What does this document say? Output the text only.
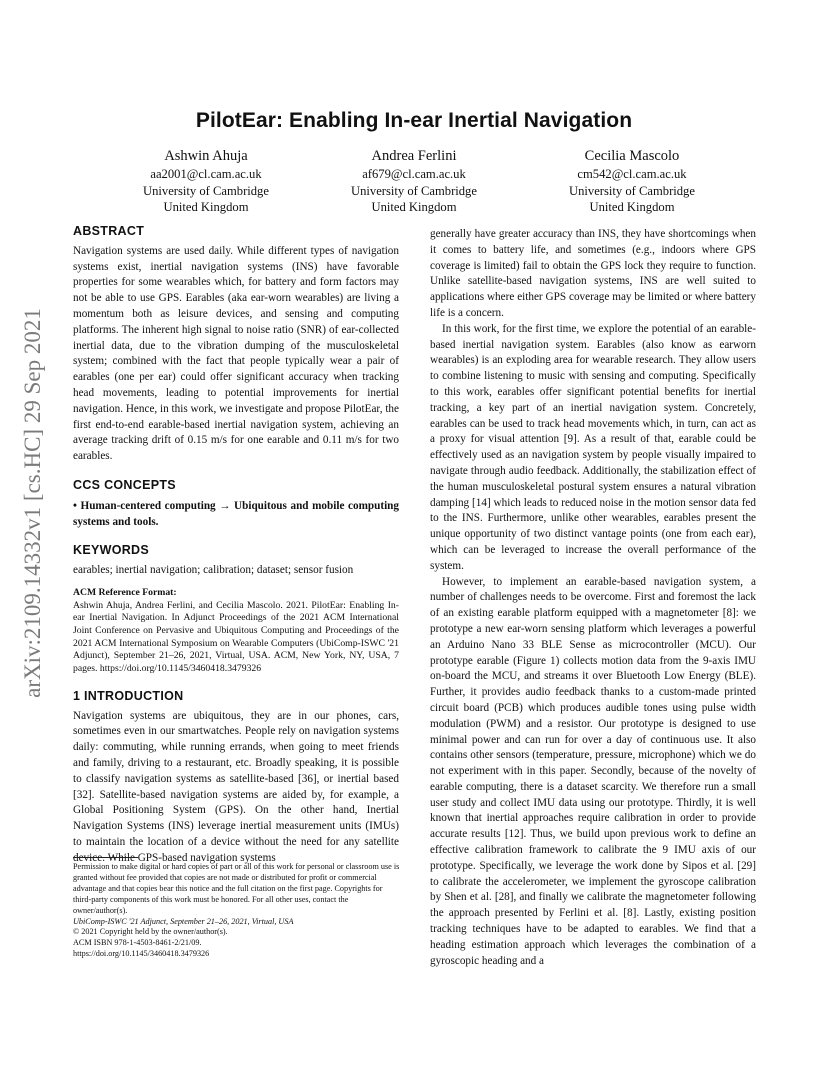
PilotEar: Enabling In-ear Inertial Navigation
Ashwin Ahuja
aa2001@cl.cam.ac.uk
University of Cambridge
United Kingdom
Andrea Ferlini
af679@cl.cam.ac.uk
University of Cambridge
United Kingdom
Cecilia Mascolo
cm542@cl.cam.ac.uk
University of Cambridge
United Kingdom
arXiv:2109.14332v1 [cs.HC] 29 Sep 2021
ABSTRACT

Navigation systems are used daily. While different types of navigation systems exist, inertial navigation systems (INS) have favorable properties for some wearables which, for battery and form factors may not be able to use GPS. Earables (aka ear-worn wearables) are living a momentum both as leisure devices, and sensing and computing platforms. The inherent high signal to noise ratio (SNR) of ear-collected inertial data, due to the vibration dumping of the musculoskeletal system; combined with the fact that people typically wear a pair of earables (one per ear) could offer significant accuracy when tracking head movements, leading to potential improvements for inertial navigation. Hence, in this work, we investigate and propose PilotEar, the first end-to-end earable-based inertial navigation system, achieving an average tracking drift of 0.15 m/s for one earable and 0.11 m/s for two earables.

CCS CONCEPTS

• Human-centered computing → Ubiquitous and mobile computing systems and tools.

KEYWORDS

earables; inertial navigation; calibration; dataset; sensor fusion

ACM Reference Format:

Ashwin Ahuja, Andrea Ferlini, and Cecilia Mascolo. 2021. PilotEar: Enabling In-ear Inertial Navigation. In Adjunct Proceedings of the 2021 ACM International Joint Conference on Pervasive and Ubiquitous Computing and Proceedings of the 2021 ACM International Symposium on Wearable Computers (UbiComp-ISWC '21 Adjunct), September 21–26, 2021, Virtual, USA. ACM, New York, NY, USA, 7 pages. https://doi.org/10.1145/3460418.3479326

1 INTRODUCTION

Navigation systems are ubiquitous, they are in our phones, cars, sometimes even in our smartwatches. People rely on navigation systems daily: commuting, while running errands, when going to meet friends and family, driving to a restaurant, etc. Broadly speaking, it is possible to classify navigation systems as satellite-based [36], or inertial based [32]. Satellite-based navigation systems are aided by, for example, a Global Positioning System (GPS). On the other hand, Inertial Navigation Systems (INS) leverage inertial measurement units (IMUs) to maintain the location of a device without the need for any satellite device. While GPS-based navigation systems

Permission to make digital or hard copies of part or all of this work for personal or classroom use is granted without fee provided that copies are not made or distributed for profit or commercial advantage and that copies bear this notice and the full citation on the first page. Copyrights for third-party components of this work must be honored. For all other uses, contact the owner/author(s).

UbiComp-ISWC '21 Adjunct, September 21–26, 2021, Virtual, USA

© 2021 Copyright held by the owner/author(s).

ACM ISBN 978-1-4503-8461-2/21/09.

https://doi.org/10.1145/3460418.3479326

generally have greater accuracy than INS, they have shortcomings when it comes to battery life, and sometimes (e.g., indoors where GPS coverage is limited) fail to obtain the GPS lock they require to function. Unlike satellite-based navigation systems, INS are well suited to applications where either GPS coverage may be limited or where battery life is a concern.

In this work, for the first time, we explore the potential of an earable-based inertial navigation system. Earables (also know as earworn wearables) is an exploding area for wearable research. They allow users to combine listening to music with sensing and computing. Specifically to this work, earables offer significant potential benefits for inertial tracking, a key part of an inertial navigation system. Concretely, earables can be used to track head movements which, in turn, can act as a proxy for visual attention [9]. As a result of that, earable could be effectively used as an navigation system by people visually impaired to navigate through audio feedback. Additionally, the stabilization effect of the human musculoskeletal postural system ensures a natural vibration damping [14] which leads to reduced noise in the motion sensor data fed to the INS. Furthermore, unlike other wearables, earables present the unique opportunity of two distinct vantage points (one from each ear), which can be leveraged to increase the overall performance of the system.

However, to implement an earable-based navigation system, a number of challenges needs to be overcome. First and foremost the lack of an existing earable platform equipped with a magnetometer [8]: we prototype a new ear-worn sensing platform which leverages a powerful an Arduino Nano 33 BLE Sense as microcontroller (MCU). Our prototype earable (Figure 1) collects motion data from the 9-axis IMU on-board the MCU, and streams it over Bluetooth Low Energy (BLE). Further, it provides audio feedback thanks to a custom-made printed circuit board (PCB) which produces audible tones using pulse width modulation (PWM) and a resistor. Our prototype is designed to use minimal power and can run for over a day of continuous use. It also contains other sensors (temperature, pressure, microphone) which we do not experiment with in this paper. Secondly, because of the novelty of earable computing, there is a dataset scarcity. We therefore run a small user study and collect IMU data using our prototype. Thirdly, it is well known that inertial approaches require calibration in order to provide accurate results [12]. Thus, we build upon previous work to define an effective calibration framework to calibrate the 9 IMU axis of our prototype. Specifically, we leverage the work done by Sipos et al. [29] to calibrate the accelerometer, we implement the gyroscope calibration by Shen et al. [28], and finally we calibrate the magnetometer following the approach presented by Ferlini et al. [8]. Lastly, existing position tracking techniques have to be adapted to earables. We find that a heading estimation approach which leverages the combination of a gyroscopic heading and a
